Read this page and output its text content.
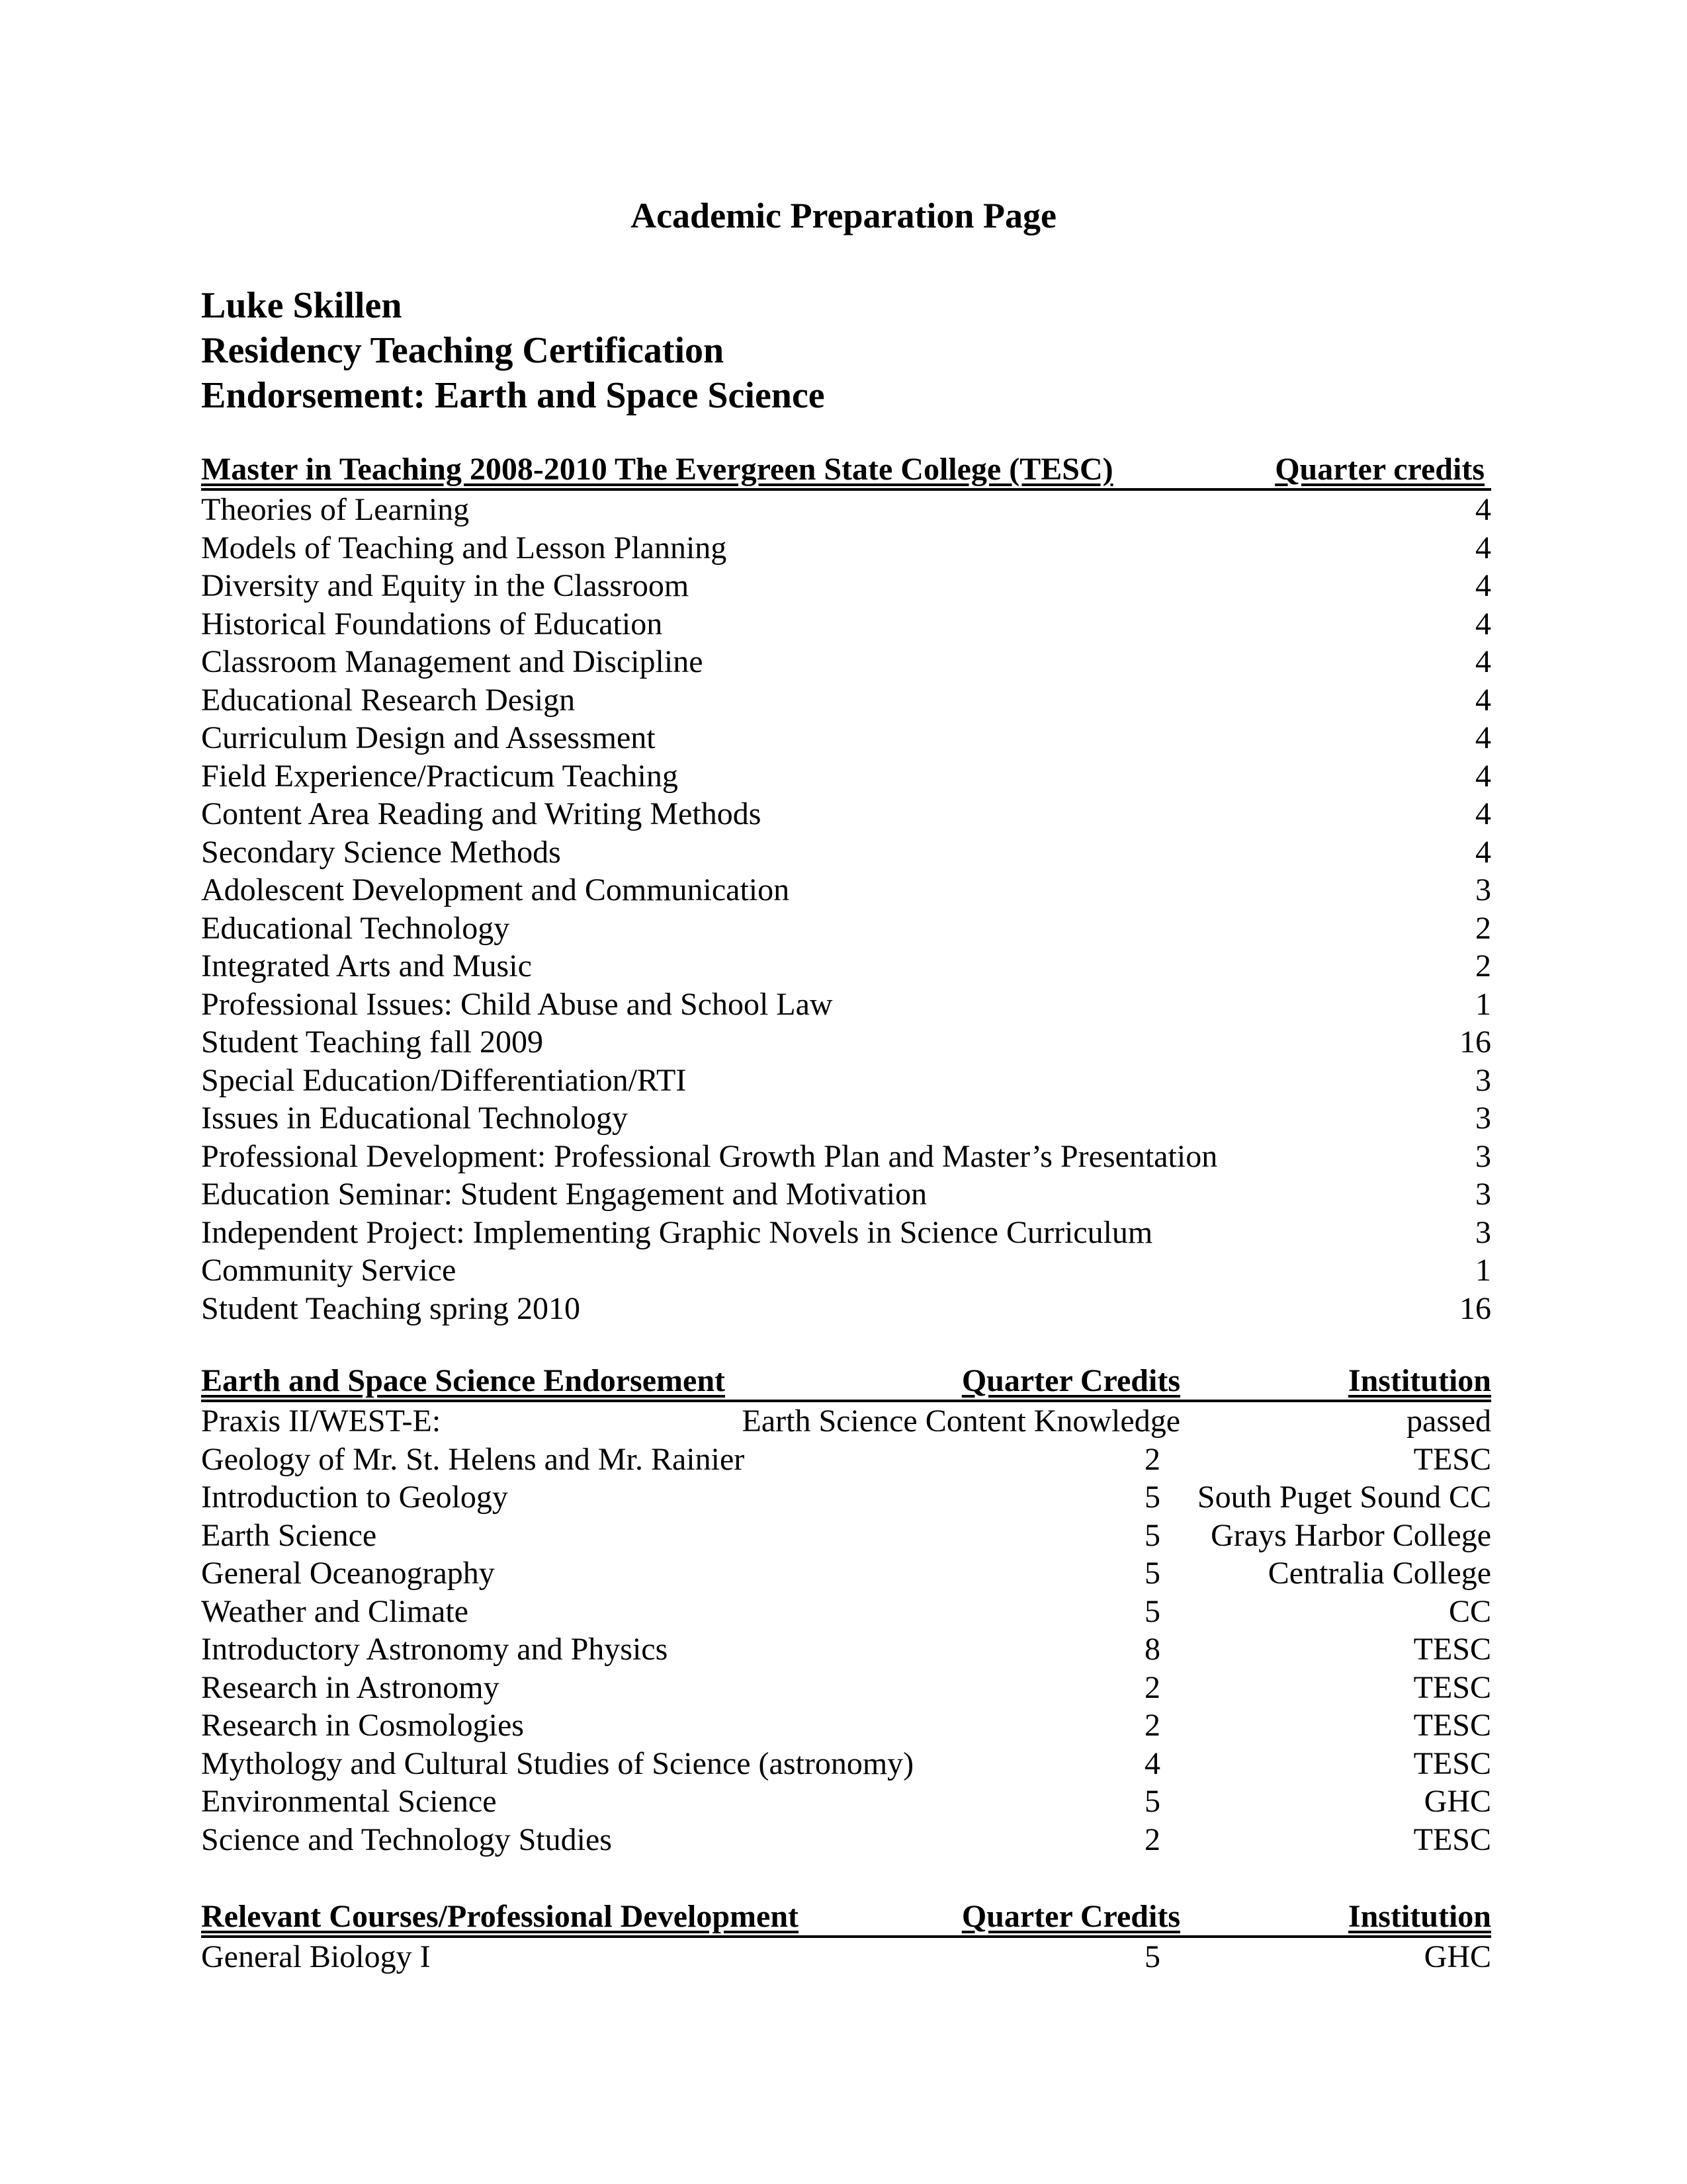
Academic Preparation Page
Luke Skillen
Residency Teaching Certification
Endorsement: Earth and Space Science
Master in Teaching 2008-2010 The Evergreen State College (TESC)	Quarter credits
Theories of Learning	4
Models of Teaching and Lesson Planning	4
Diversity and Equity in the Classroom	4
Historical Foundations of Education	4
Classroom Management and Discipline	4
Educational Research Design	4
Curriculum Design and Assessment	4
Field Experience/Practicum Teaching	4
Content Area Reading and Writing Methods	4
Secondary Science Methods	4
Adolescent Development and Communication	3
Educational Technology	2
Integrated Arts and Music	2
Professional Issues: Child Abuse and School Law	1
Student Teaching fall 2009	16
Special Education/Differentiation/RTI	3
Issues in Educational Technology	3
Professional Development: Professional Growth Plan and Master’s Presentation	3
Education Seminar: Student Engagement and Motivation	3
Independent Project: Implementing Graphic Novels in Science Curriculum	3
Community Service	1
Student Teaching spring 2010	16
Earth and Space Science Endorsement	Quarter Credits	Institution
Praxis II/WEST-E:	Earth Science Content Knowledge	passed
Geology of Mr. St. Helens and Mr. Rainier	2	TESC
Introduction to Geology	5 South Puget Sound CC
Earth Science	5 Grays Harbor College
General Oceanography	5	Centralia College
Weather and Climate	5	CC
Introductory Astronomy and Physics	8	TESC
Research in Astronomy	2	TESC
Research in Cosmologies	2	TESC
Mythology and Cultural Studies of Science (astronomy)	4	TESC
Environmental Science	5	GHC
Science and Technology Studies	2	TESC
Relevant Courses/Professional Development	Quarter Credits	Institution
General Biology I	5	GHC
